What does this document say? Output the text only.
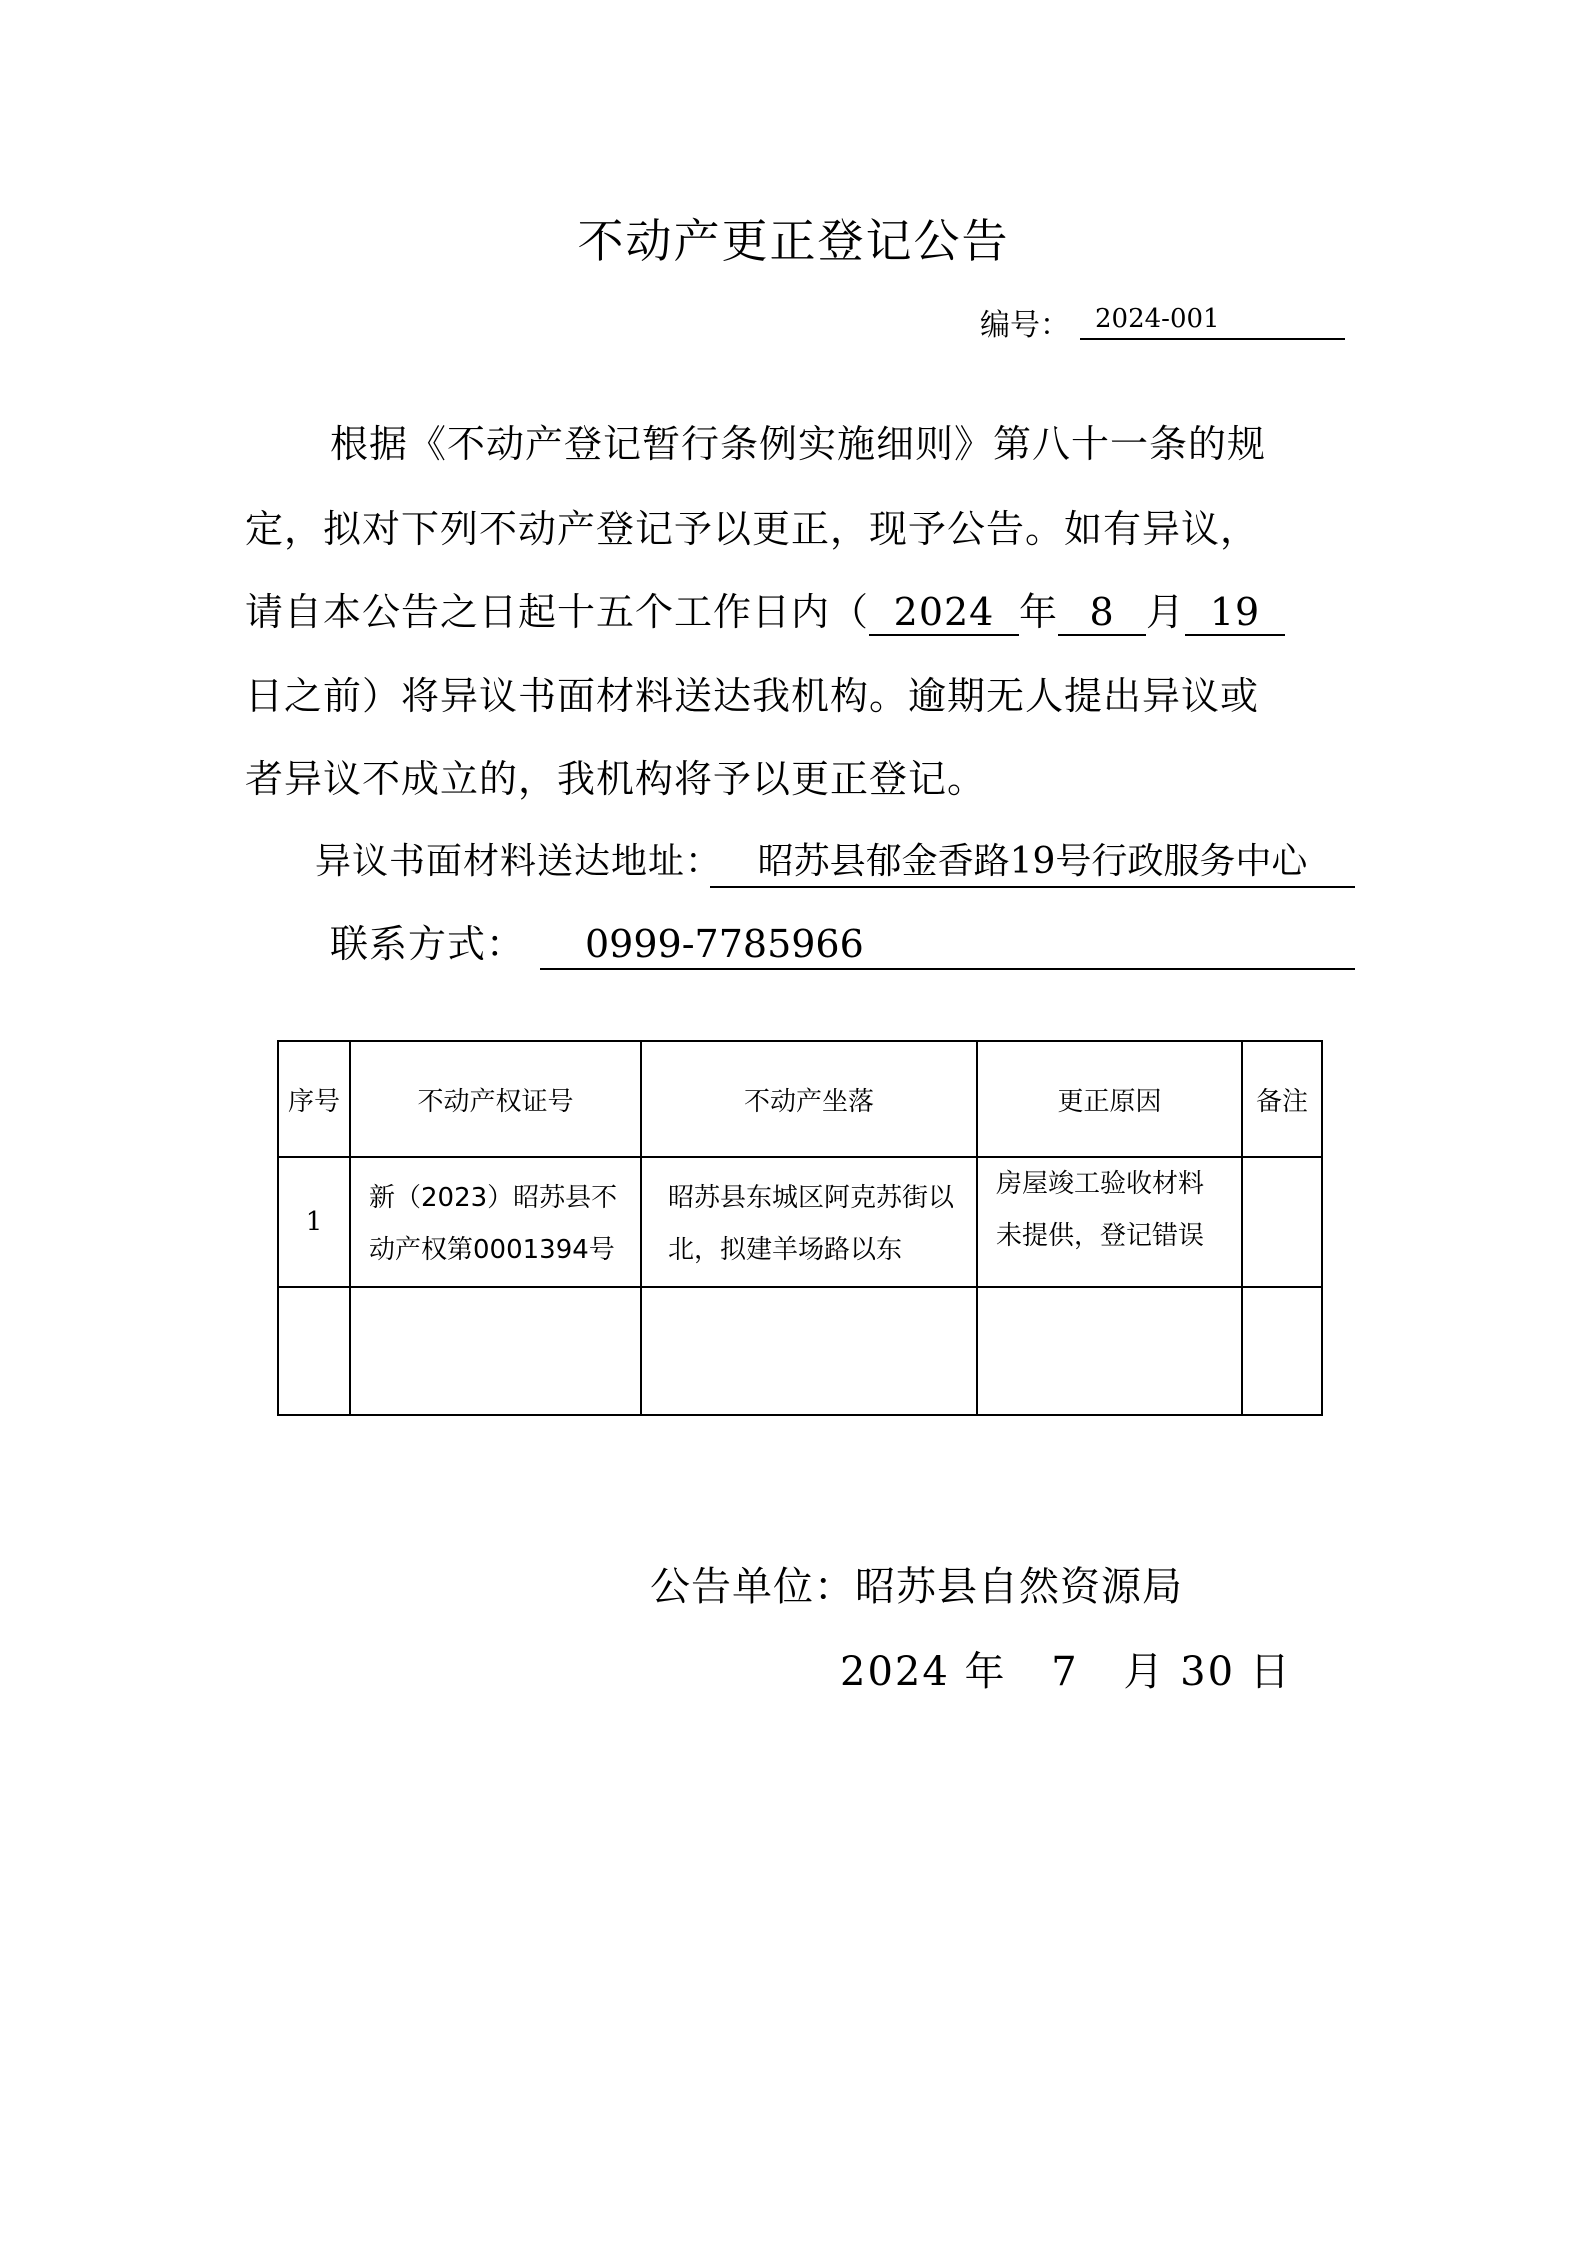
不动产更正登记公告
编号： 2024-001
根据《不动产登记暂行条例实施细则》第八十一条的规
定，拟对下列不动产登记予以更正，现予公告。如有异议，
请自本公告之日起十五个工作日内（ 2024 年 8 月 19
日之前）将异议书面材料送达我机构。逾期无人提出异议或
者异议不成立的，我机构将予以更正登记。
异议书面材料送达地址： 昭苏县郁金香路19号行政服务中心
联系方式：	0999-7785966
序号	不动产权证号	不动产坐落	更正原因	备注
1	新（2023）昭苏县不动产权第0001394号	昭苏县东城区阿克苏街以北，拟建羊场路以东	房屋竣工验收材料未提供，登记错误	

公告单位：昭苏县自然资源局
2024 年 7 月 30 日
